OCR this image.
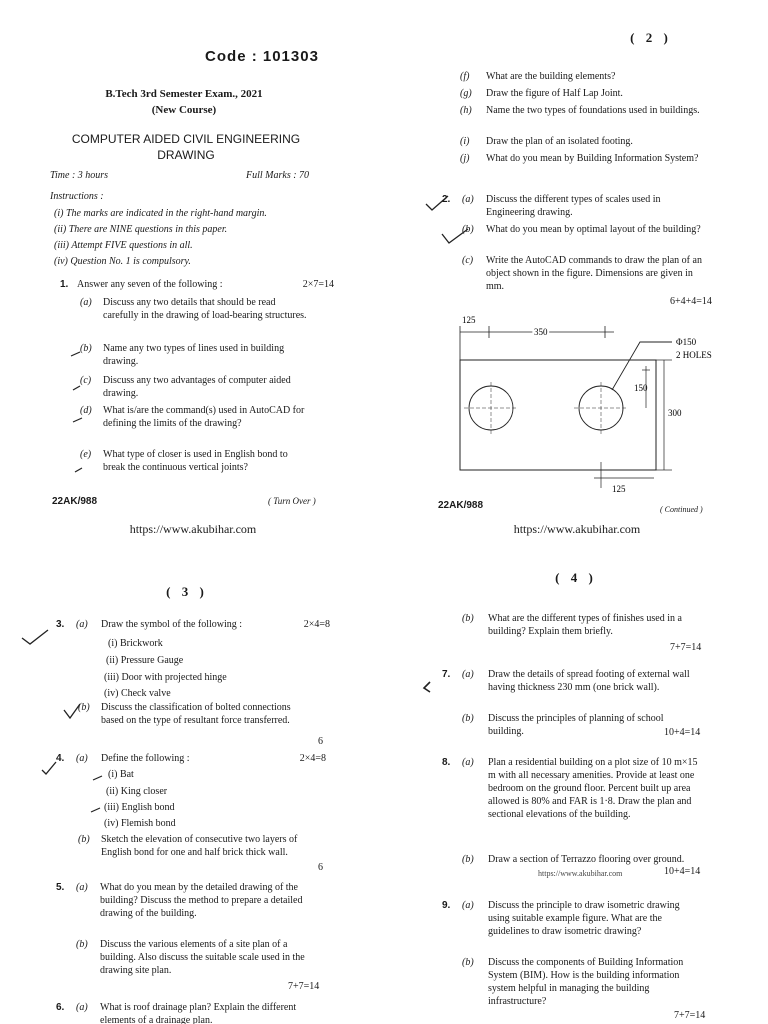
Code : 101303
B.Tech 3rd Semester Exam., 2021
(New Course)
COMPUTER AIDED CIVIL ENGINEERING
DRAWING
Time : 3 hours	Full Marks : 70
Instructions :
(i) The marks are indicated in the right-hand margin.
(ii) There are NINE questions in this paper.
(iii) Attempt FIVE questions in all.
(iv) Question No. 1 is compulsory.
1. Answer any seven of the following :	2×7=14
(a) Discuss any two details that should be read carefully in the drawing of load-bearing structures.
(b) Name any two types of lines used in building drawing.
(c) Discuss any two advantages of computer aided drawing.
(d) What is/are the command(s) used in AutoCAD for defining the limits of the drawing?
(e) What type of closer is used in English bond to break the continuous vertical joints?
22AK/988	( Turn Over )
https://www.akubihar.com
( 2 )
(f) What are the building elements?
(g) Draw the figure of Half Lap Joint.
(h) Name the two types of foundations used in buildings.
(i) Draw the plan of an isolated footing.
(j) What do you mean by Building Information System?
2. (a) Discuss the different types of scales used in Engineering drawing.
(b) What do you mean by optimal layout of the building?
(c) Write the AutoCAD commands to draw the plan of an object shown in the figure. Dimensions are given in mm.
6+4+4=14
125
350
Φ150
2 HOLES
150
300
125
22AK/988	( Continued )
https://www.akubihar.com
( 3 )
3. (a) Draw the symbol of the following :	2×4=8
(i) Brickwork
(ii) Pressure Gauge
(iii) Door with projected hinge
(iv) Check valve
(b) Discuss the classification of bolted connections based on the type of resultant force transferred.
6
4. (a) Define the following :	2×4=8
(i) Bat
(ii) King closer
(iii) English bond
(iv) Flemish bond
(b) Sketch the elevation of consecutive two layers of English bond for one and half brick thick wall.
6
5. (a) What do you mean by the detailed drawing of the building? Discuss the method to prepare a detailed drawing of the building.
(b) Discuss the various elements of a site plan of a building. Also discuss the suitable scale used in the drawing site plan.
7+7=14
6. (a) What is roof drainage plan? Explain the different elements of a drainage plan.
( 4 )
(b) What are the different types of finishes used in a building? Explain them briefly.
7+7=14
7. (a) Draw the details of spread footing of external wall having thickness 230 mm (one brick wall).
(b) Discuss the principles of planning of school building.	10+4=14
8. (a) Plan a residential building on a plot size of 10 m×15 m with all necessary amenities. Provide at least one bedroom on the ground floor. Percent built up area allowed is 80% and FAR is 1·8. Draw the plan and sectional elevations of the building.
(b) Draw a section of Terrazzo flooring over ground.
https://www.akubihar.com	10+4=14
9. (a) Discuss the principle to draw isometric drawing using suitable example figure. What are the guidelines to draw isometric drawing?
(b) Discuss the components of Building Information System (BIM). How is the building information system helpful in managing the building infrastructure?
7+7=14
